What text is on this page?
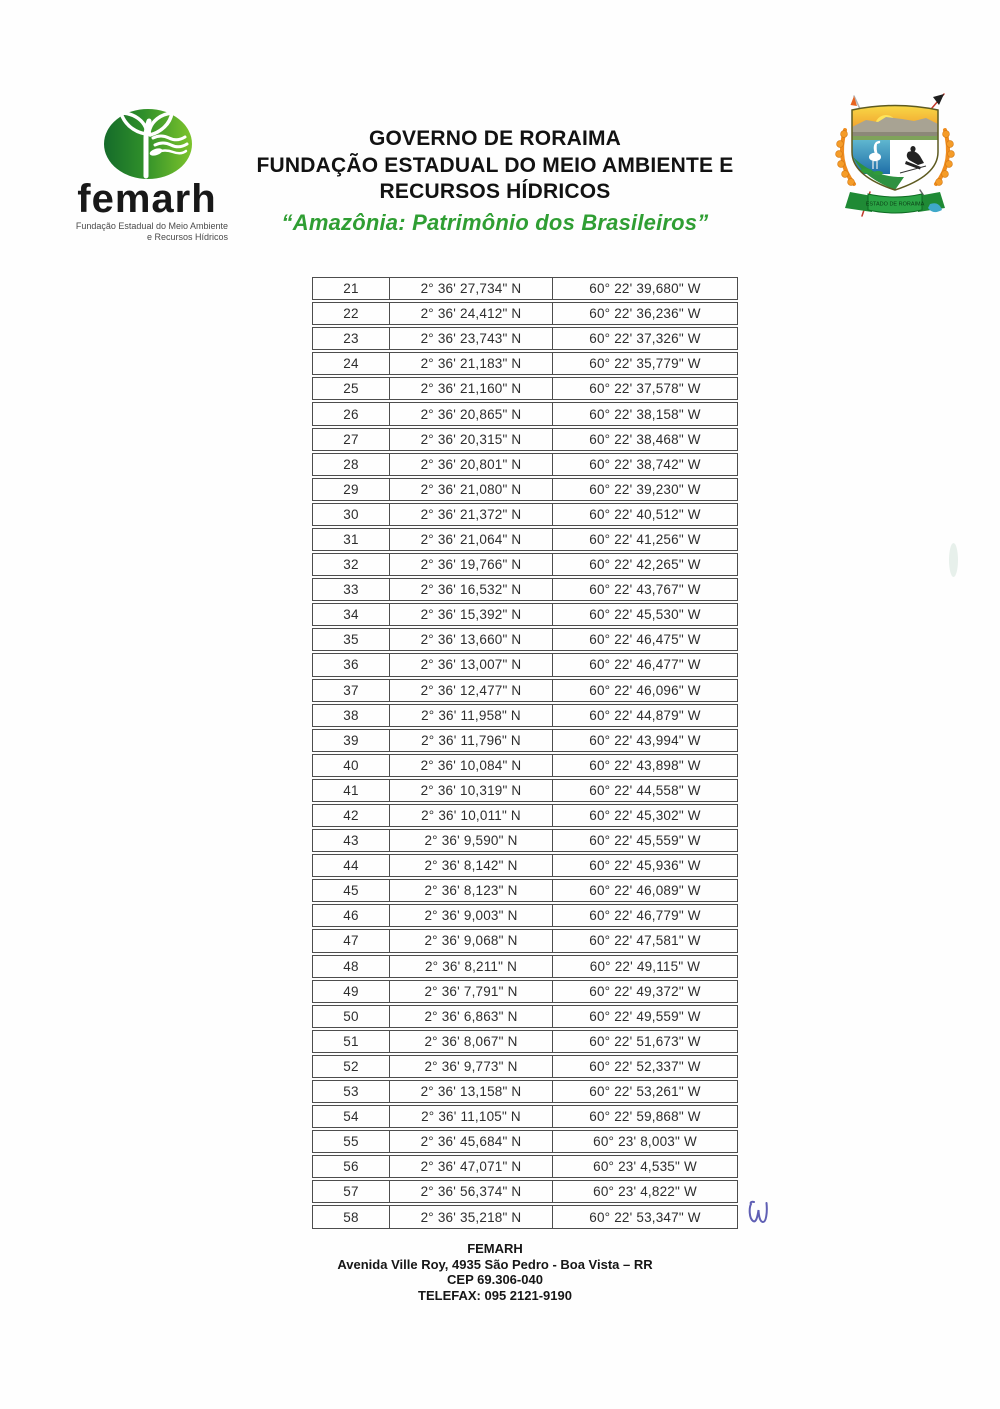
femarh
Fundação Estadual do Meio Ambiente
e Recursos Hídricos
GOVERNO DE RORAIMA
FUNDAÇÃO ESTADUAL DO MEIO AMBIENTE E
RECURSOS HÍDRICOS
“Amazônia: Patrimônio dos Brasileiros”
ESTADO DE RORAIMA
21	2° 36' 27,734" N	60° 22' 39,680" W
22	2° 36' 24,412" N	60° 22' 36,236" W
23	2° 36' 23,743" N	60° 22' 37,326" W
24	2° 36' 21,183" N	60° 22' 35,779" W
25	2° 36' 21,160" N	60° 22' 37,578" W
26	2° 36' 20,865" N	60° 22' 38,158" W
27	2° 36' 20,315" N	60° 22' 38,468" W
28	2° 36' 20,801" N	60° 22' 38,742" W
29	2° 36' 21,080" N	60° 22' 39,230" W
30	2° 36' 21,372" N	60° 22' 40,512" W
31	2° 36' 21,064" N	60° 22' 41,256" W
32	2° 36' 19,766" N	60° 22' 42,265" W
33	2° 36' 16,532" N	60° 22' 43,767" W
34	2° 36' 15,392" N	60° 22' 45,530" W
35	2° 36' 13,660" N	60° 22' 46,475" W
36	2° 36' 13,007" N	60° 22' 46,477" W
37	2° 36' 12,477" N	60° 22' 46,096" W
38	2° 36' 11,958" N	60° 22' 44,879" W
39	2° 36' 11,796" N	60° 22' 43,994" W
40	2° 36' 10,084" N	60° 22' 43,898" W
41	2° 36' 10,319" N	60° 22' 44,558" W
42	2° 36' 10,011" N	60° 22' 45,302" W
43	2° 36' 9,590" N	60° 22' 45,559" W
44	2° 36' 8,142" N	60° 22' 45,936" W
45	2° 36' 8,123" N	60° 22' 46,089" W
46	2° 36' 9,003" N	60° 22' 46,779" W
47	2° 36' 9,068" N	60° 22' 47,581" W
48	2° 36' 8,211" N	60° 22' 49,115" W
49	2° 36' 7,791" N	60° 22' 49,372" W
50	2° 36' 6,863" N	60° 22' 49,559" W
51	2° 36' 8,067" N	60° 22' 51,673" W
52	2° 36' 9,773" N	60° 22' 52,337" W
53	2° 36' 13,158" N	60° 22' 53,261" W
54	2° 36' 11,105" N	60° 22' 59,868" W
55	2° 36' 45,684" N	60° 23' 8,003" W
56	2° 36' 47,071" N	60° 23' 4,535" W
57	2° 36' 56,374" N	60° 23' 4,822" W
58	2° 36' 35,218" N	60° 22' 53,347" W
FEMARH
Avenida Ville Roy, 4935 São Pedro - Boa Vista – RR
CEP 69.306-040
TELEFAX: 095 2121-9190
